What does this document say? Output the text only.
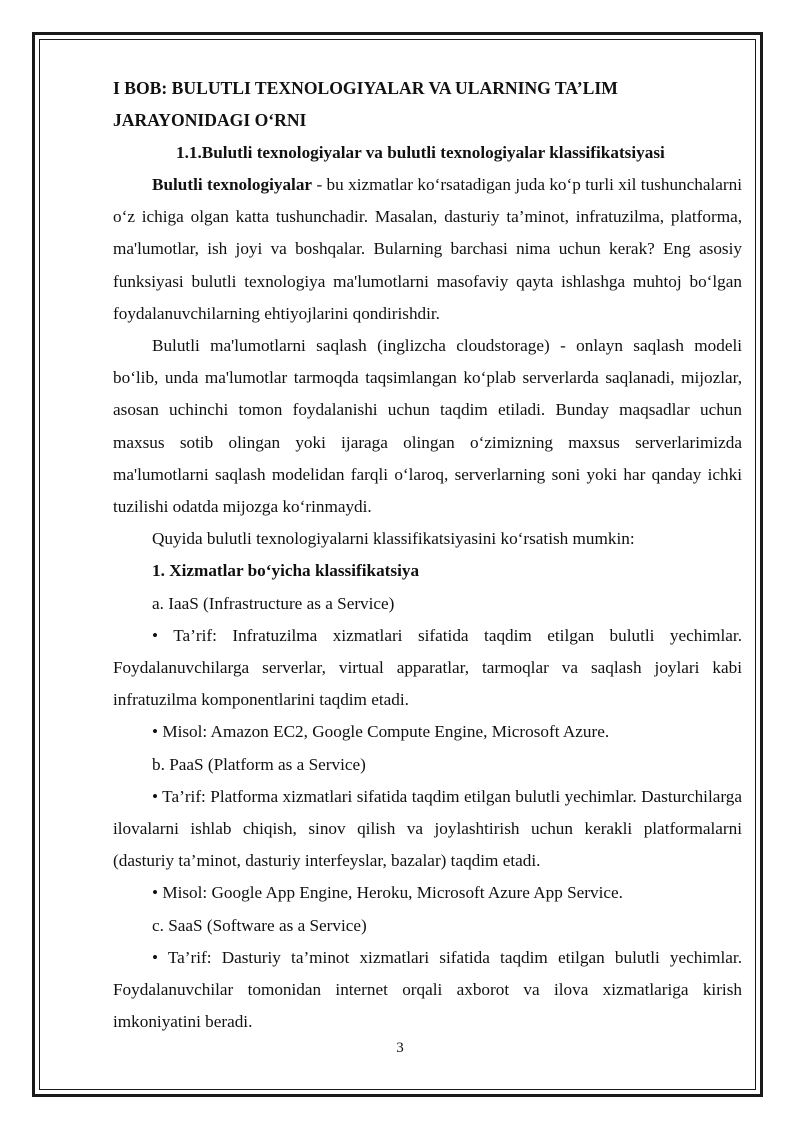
I BOB: BULUTLI TEXNOLOGIYALAR VA ULARNING TA’LIM

JARAYONIDAGI O‘RNI

1.1.Bulutli texnologiyalar va bulutli texnologiyalar klassifikatsiyasi

Bulutli texnologiyalar - bu xizmatlar ko‘rsatadigan juda ko‘p turli xil tushunchalarni o‘z ichiga olgan katta tushunchadir. Masalan, dasturiy ta’minot, infratuzilma, platforma, ma'lumotlar, ish joyi va boshqalar. Bularning barchasi nima uchun kerak? Eng asosiy funksiyasi bulutli texnologiya ma'lumotlarni masofaviy qayta ishlashga muhtoj bo‘lgan foydalanuvchilarning ehtiyojlarini qondirishdir.

Bulutli ma'lumotlarni saqlash (inglizcha cloudstorage) - onlayn saqlash modeli bo‘lib, unda ma'lumotlar tarmoqda taqsimlangan ko‘plab serverlarda saqlanadi, mijozlar, asosan uchinchi tomon foydalanishi uchun taqdim etiladi. Bunday maqsadlar uchun maxsus sotib olingan yoki ijaraga olingan o‘zimizning maxsus serverlarimizda ma'lumotlarni saqlash modelidan farqli o‘laroq, serverlarning soni yoki har qanday ichki tuzilishi odatda mijozga ko‘rinmaydi.

Quyida bulutli texnologiyalarni klassifikatsiyasini ko‘rsatish mumkin:

1. Xizmatlar bo‘yicha klassifikatsiya

a. IaaS (Infrastructure as a Service)

• Ta’rif: Infratuzilma xizmatlari sifatida taqdim etilgan bulutli yechimlar. Foydalanuvchilarga serverlar, virtual apparatlar, tarmoqlar va saqlash joylari kabi infratuzilma komponentlarini taqdim etadi.

• Misol: Amazon EC2, Google Compute Engine, Microsoft Azure.

b. PaaS (Platform as a Service)

• Ta’rif: Platforma xizmatlari sifatida taqdim etilgan bulutli yechimlar. Dasturchilarga ilovalarni ishlab chiqish, sinov qilish va joylashtirish uchun kerakli platformalarni (dasturiy ta’minot, dasturiy interfeyslar, bazalar) taqdim etadi.

• Misol: Google App Engine, Heroku, Microsoft Azure App Service.

c. SaaS (Software as a Service)

• Ta’rif: Dasturiy ta’minot xizmatlari sifatida taqdim etilgan bulutli yechimlar. Foydalanuvchilar tomonidan internet orqali axborot va ilova xizmatlariga kirish imkoniyatini beradi.

3
